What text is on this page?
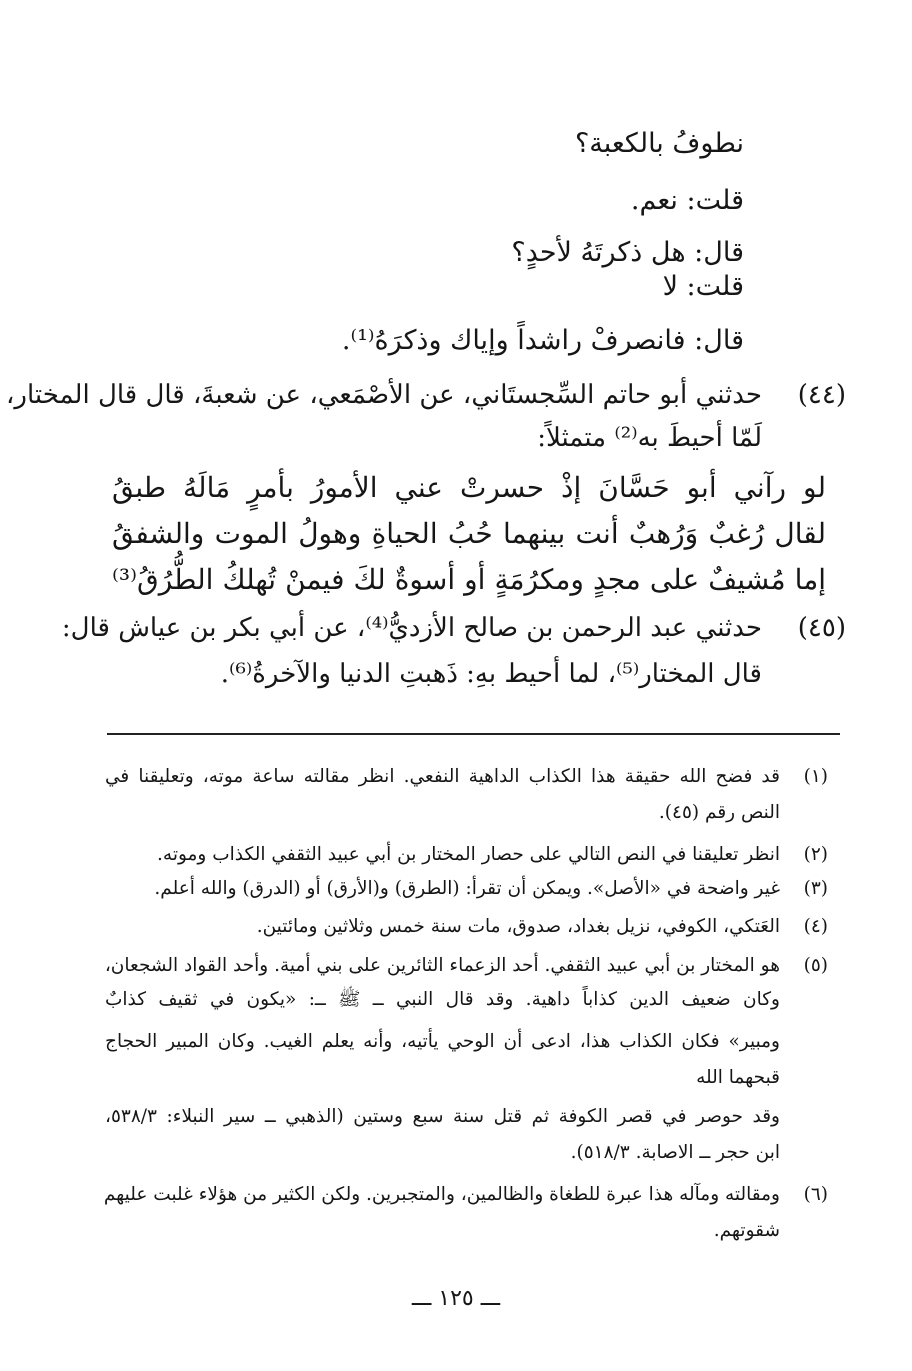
نطوفُ بالكعبة؟
قلت: نعم.
قال: هل ذكرتَهُ لأحدٍ؟
قلت: لا
قال: فانصرفْ راشداً وإياك وذكرَهُ⁽¹⁾.
(٤٤)
حدثني أبو حاتم السِّجستَاني، عن الأصْمَعي، عن شعبةَ، قال قال المختار،
لَمّا أحيطَ به⁽²⁾ متمثلاً:
لو رآني أبو حَسَّانَ إذْ حسرتْ عني الأمورُ بأمرٍ مَالَهُ طبقُ
لقال رُغبٌ وَرُهبٌ أنت بينهما حُبُ الحياةِ وهولُ الموت والشفقُ
إما مُشيفٌ على مجدٍ ومكرُمَةٍ أو أسوةٌ لكَ فيمنْ تُهلكُ الطُّرُقُ⁽³⁾
(٤٥)
حدثني عبد الرحمن بن صالح الأزديُّ⁽⁴⁾، عن أبي بكر بن عياش قال:
قال المختار⁽⁵⁾، لما أحيط بهِ: ذَهبتِ الدنيا والآخرةُ⁽⁶⁾.
(١)
قد فضح الله حقيقة هذا الكذاب الداهية النفعي. انظر مقالته ساعة موته، وتعليقنا في
النص رقم (٤٥).
(٢)
انظر تعليقنا في النص التالي على حصار المختار بن أبي عبيد الثقفي الكذاب وموته.
(٣)
غير واضحة في «الأصل». ويمكن أن تقرأ: (الطرق) و(الأرق) أو (الدرق) والله أعلم.
(٤)
العَتكي، الكوفي، نزيل بغداد، صدوق، مات سنة خمس وثلاثين ومائتين.
(٥)
هو المختار بن أبي عبيد الثقفي. أحد الزعماء الثائرين على بني أمية. وأحد القواد الشجعان،
وكان ضعيف الدين كذاباً داهية. وقد قال النبي ــ ﷺ ــ: «يكون في ثقيف كذابٌ
ومبير» فكان الكذاب هذا، ادعى أن الوحي يأتيه، وأنه يعلم الغيب. وكان المبير الحجاج
قبحهما الله
وقد حوصر في قصر الكوفة ثم قتل سنة سبع وستين (الذهبي ــ سير النبلاء: ٥٣٨/٣،
ابن حجر ــ الاصابة. ٥١٨/٣).
(٦)
ومقالته ومآله هذا عبرة للطغاة والظالمين، والمتجبرين. ولكن الكثير من هؤلاء غلبت عليهم
شقوتهم.
ـــ ١٢٥ ـــ
